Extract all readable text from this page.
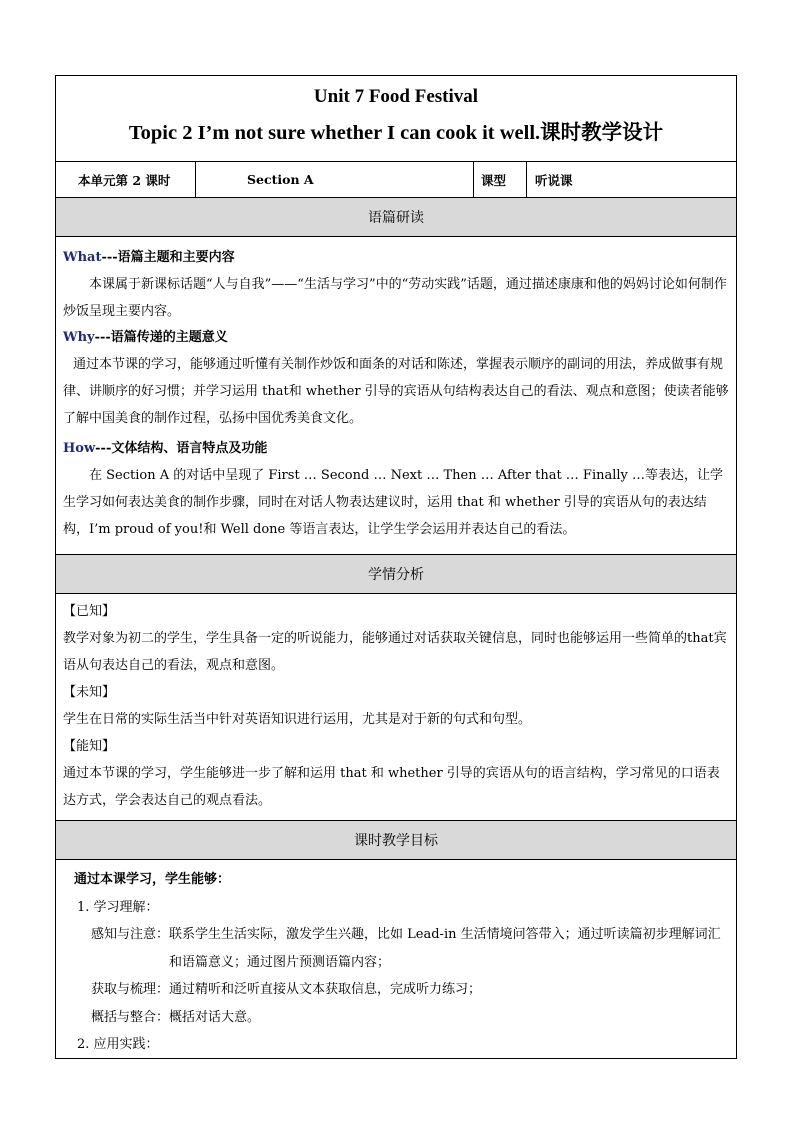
Unit 7 Food Festival
Topic 2 I’m not sure whether I can cook it well.课时教学设计
本单元第 2 课时	Section A	课型	听说课
语篇研读
What---语篇主题和主要内容

本课属于新课标话题“人与自我”——“生活与学习”中的“劳动实践”话题，通过描述康康和他的妈妈讨论如何制作炒饭呈现主要内容。

Why---语篇传递的主题意义

通过本节课的学习，能够通过听懂有关制作炒饭和面条的对话和陈述，掌握表示顺序的副词的用法，养成做事有规律、讲顺序的好习惯；并学习运用 that和 whether 引导的宾语从句结构表达自己的看法、观点和意图；使读者能够了解中国美食的制作过程，弘扬中国优秀美食文化。

How---文体结构、语言特点及功能

在 Section A 的对话中呈现了 First … Second … Next … Then … After that … Finally …等表达，让学生学习如何表达美食的制作步骤，同时在对话人物表达建议时，运用 that 和 whether 引导的宾语从句的表达结构，I’m proud of you!和 Well done 等语言表达，让学生学会运用并表达自己的看法。

学情分析
【已知】

教学对象为初二的学生，学生具备一定的听说能力，能够通过对话获取关键信息，同时也能够运用一些简单的that宾语从句表达自己的看法，观点和意图。

【未知】

学生在日常的实际生活当中针对英语知识进行运用，尤其是对于新的句式和句型。

【能知】

通过本节课的学习，学生能够进一步了解和运用 that 和 whether 引导的宾语从句的语言结构，学习常见的口语表达方式，学会表达自己的观点看法。

课时教学目标
通过本课学习，学生能够：
1. 学习理解：
感知与注意： 联系学生生活实际，激发学生兴趣，比如 Lead-in 生活情境问答带入；通过听读篇初步理解词汇和语篇意义；通过图片预测语篇内容；
获取与梳理： 通过精听和泛听直接从文本获取信息，完成听力练习；
概括与整合： 概括对话大意。
2. 应用实践：
